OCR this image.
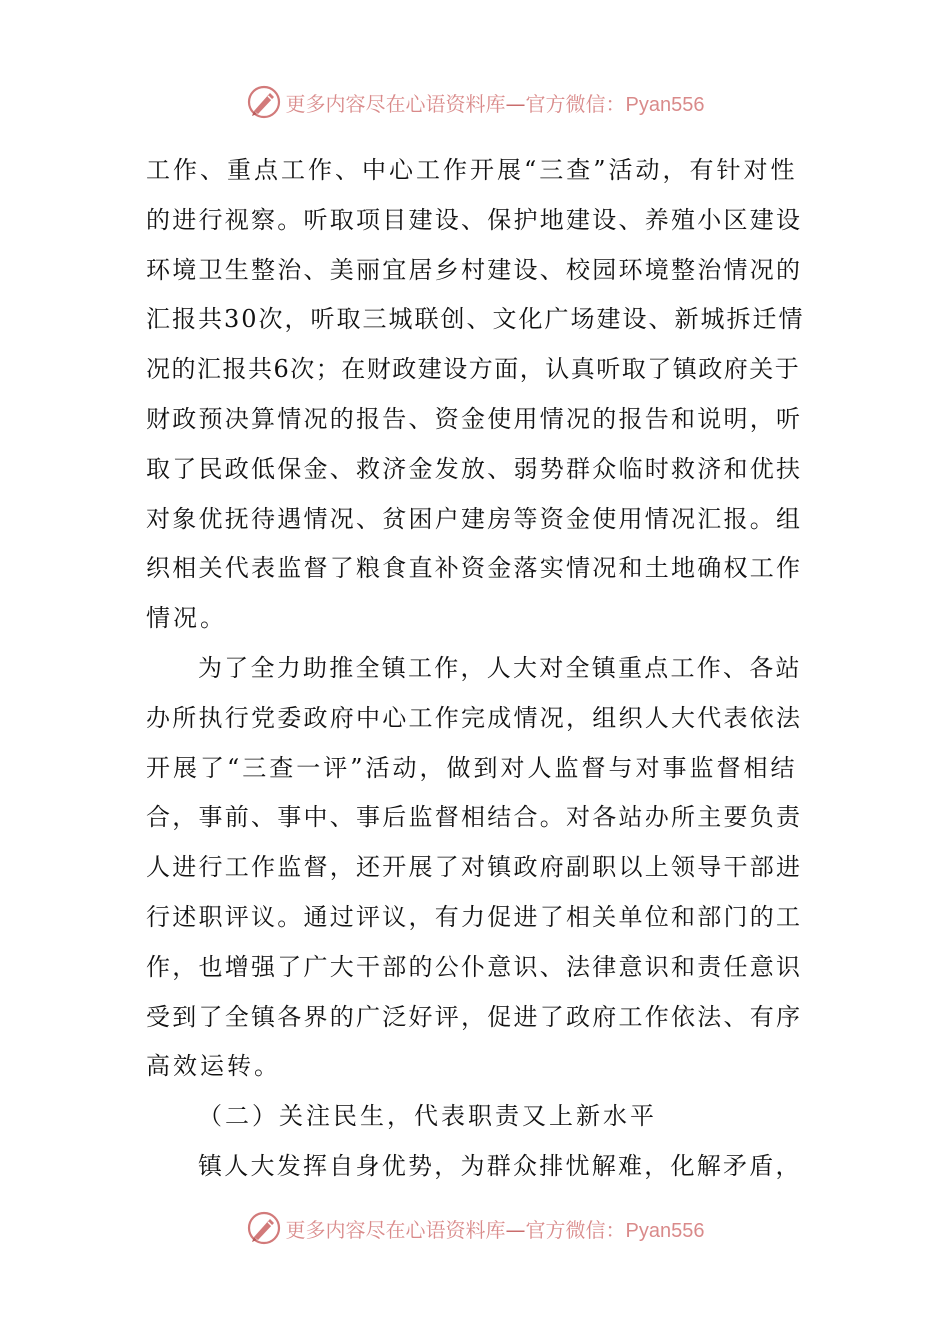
更多内容尽在心语资料库—官方微信：Pyan556
工作、重点工作、中心工作开展“三查”活动，有针对性
的进行视察。听取项目建设、保护地建设、养殖小区建设
环境卫生整治、美丽宜居乡村建设、校园环境整治情况的
汇报共30次，听取三城联创、文化广场建设、新城拆迁情
况的汇报共6次；在财政建设方面，认真听取了镇政府关于
财政预决算情况的报告、资金使用情况的报告和说明，听
取了民政低保金、救济金发放、弱势群众临时救济和优扶
对象优抚待遇情况、贫困户建房等资金使用情况汇报。组
织相关代表监督了粮食直补资金落实情况和土地确权工作
情况。
为了全力助推全镇工作，人大对全镇重点工作、各站
办所执行党委政府中心工作完成情况，组织人大代表依法
开展了“三查一评”活动，做到对人监督与对事监督相结
合，事前、事中、事后监督相结合。对各站办所主要负责
人进行工作监督，还开展了对镇政府副职以上领导干部进
行述职评议。通过评议，有力促进了相关单位和部门的工
作，也增强了广大干部的公仆意识、法律意识和责任意识
受到了全镇各界的广泛好评，促进了政府工作依法、有序
高效运转。
（二）关注民生，代表职责又上新水平
镇人大发挥自身优势，为群众排忧解难，化解矛盾，
更多内容尽在心语资料库—官方微信：Pyan556
